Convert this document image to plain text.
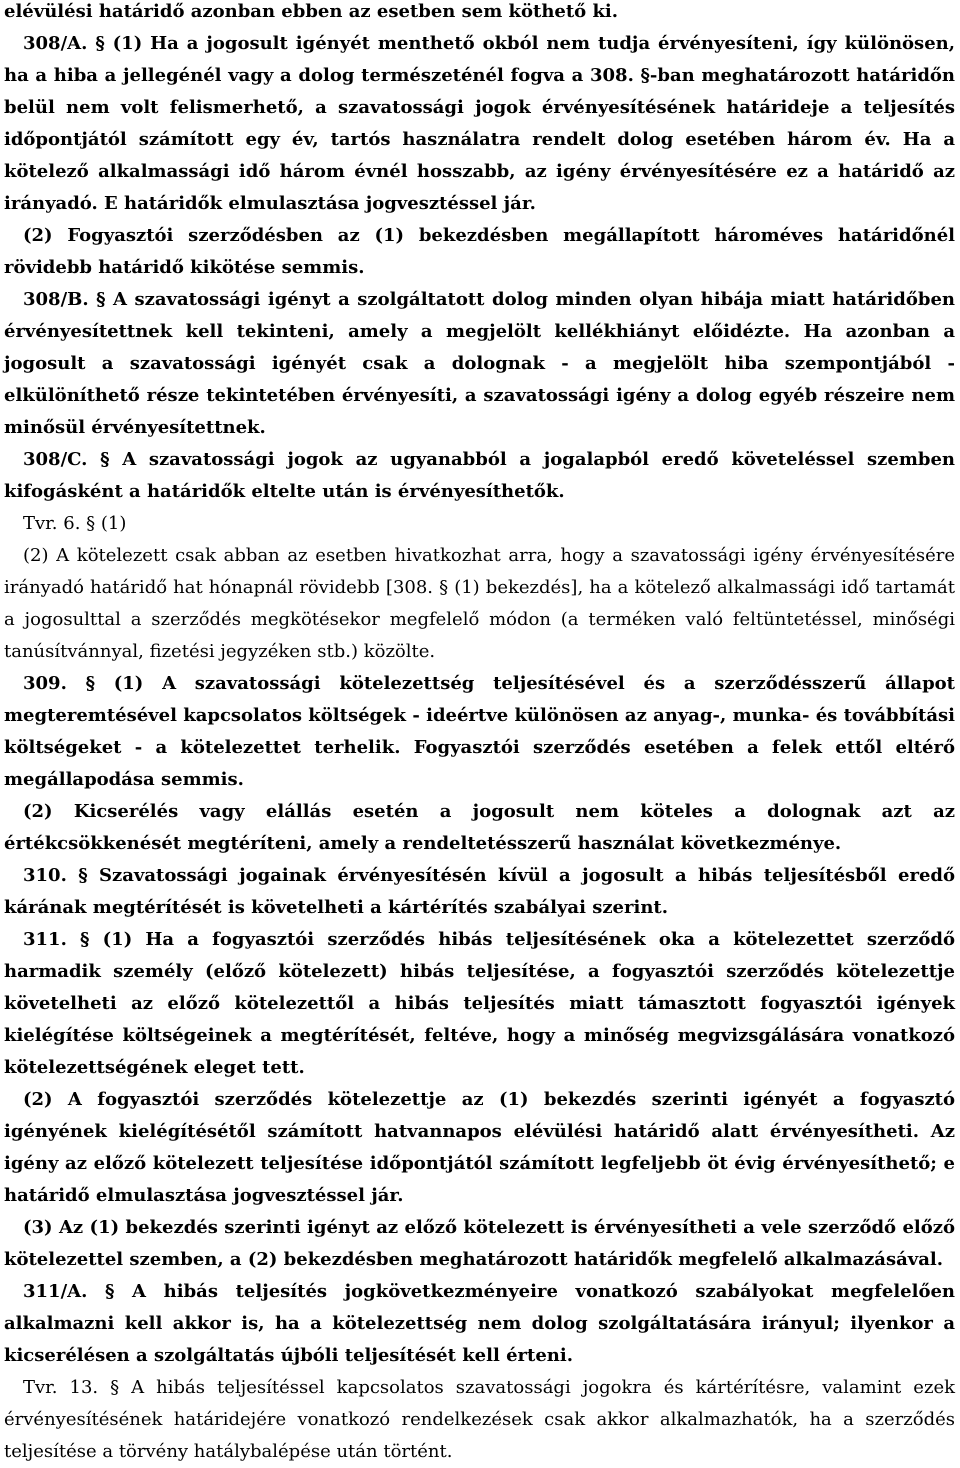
elévülési határidő azonban ebben az esetben sem köthető ki.

308/A. § (1) Ha a jogosult igényét menthető okból nem tudja érvényesíteni, így különösen, ha a hiba a jellegénél vagy a dolog természeténél fogva a 308. §-ban meghatározott határidőn belül nem volt felismerhető, a szavatossági jogok érvényesítésének határideje a teljesítés időpontjától számított egy év, tartós használatra rendelt dolog esetében három év. Ha a kötelező alkalmassági idő három évnél hosszabb, az igény érvényesítésére ez a határidő az irányadó. E határidők elmulasztása jogvesztéssel jár.

(2) Fogyasztói szerződésben az (1) bekezdésben megállapított hároméves határidőnél rövidebb határidő kikötése semmis.

308/B. § A szavatossági igényt a szolgáltatott dolog minden olyan hibája miatt határidőben érvényesítettnek kell tekinteni, amely a megjelölt kellékhiányt előidézte. Ha azonban a jogosult a szavatossági igényét csak a dolognak - a megjelölt hiba szempontjából - elkülöníthető része tekintetében érvényesíti, a szavatossági igény a dolog egyéb részeire nem minősül érvényesítettnek.

308/C. § A szavatossági jogok az ugyanabból a jogalapból eredő követeléssel szemben kifogásként a határidők eltelte után is érvényesíthetők.

Tvr. 6. § (1)

(2) A kötelezett csak abban az esetben hivatkozhat arra, hogy a szavatossági igény érvényesítésére irányadó határidő hat hónapnál rövidebb [308. § (1) bekezdés], ha a kötelező alkalmassági idő tartamát a jogosulttal a szerződés megkötésekor megfelelő módon (a terméken való feltüntetéssel, minőségi tanúsítvánnyal, fizetési jegyzéken stb.) közölte.

309. § (1) A szavatossági kötelezettség teljesítésével és a szerződésszerű állapot megteremtésével kapcsolatos költségek - ideértve különösen az anyag-, munka- és továbbítási költségeket - a kötelezettet terhelik. Fogyasztói szerződés esetében a felek ettől eltérő megállapodása semmis.

(2) Kicserélés vagy elállás esetén a jogosult nem köteles a dolognak azt az értékcsökkenését megtéríteni, amely a rendeltetésszerű használat következménye.

310. § Szavatossági jogainak érvényesítésén kívül a jogosult a hibás teljesítésből eredő kárának megtérítését is követelheti a kártérítés szabályai szerint.

311. § (1) Ha a fogyasztói szerződés hibás teljesítésének oka a kötelezettet szerződő harmadik személy (előző kötelezett) hibás teljesítése, a fogyasztói szerződés kötelezettje követelheti az előző kötelezettől a hibás teljesítés miatt támasztott fogyasztói igények kielégítése költségeinek a megtérítését, feltéve, hogy a minőség megvizsgálására vonatkozó kötelezettségének eleget tett.

(2) A fogyasztói szerződés kötelezettje az (1) bekezdés szerinti igényét a fogyasztó igényének kielégítésétől számított hatvannapos elévülési határidő alatt érvényesítheti. Az igény az előző kötelezett teljesítése időpontjától számított legfeljebb öt évig érvényesíthető; e határidő elmulasztása jogvesztéssel jár.

(3) Az (1) bekezdés szerinti igényt az előző kötelezett is érvényesítheti a vele szerződő előző kötelezettel szemben, a (2) bekezdésben meghatározott határidők megfelelő alkalmazásával.

311/A. § A hibás teljesítés jogkövetkezményeire vonatkozó szabályokat megfelelően alkalmazni kell akkor is, ha a kötelezettség nem dolog szolgáltatására irányul; ilyenkor a kicserélésen a szolgáltatás újbóli teljesítését kell érteni.

Tvr. 13. § A hibás teljesítéssel kapcsolatos szavatossági jogokra és kártérítésre, valamint ezek érvényesítésének határidejére vonatkozó rendelkezések csak akkor alkalmazhatók, ha a szerződés teljesítése a törvény hatálybalépése után történt.
